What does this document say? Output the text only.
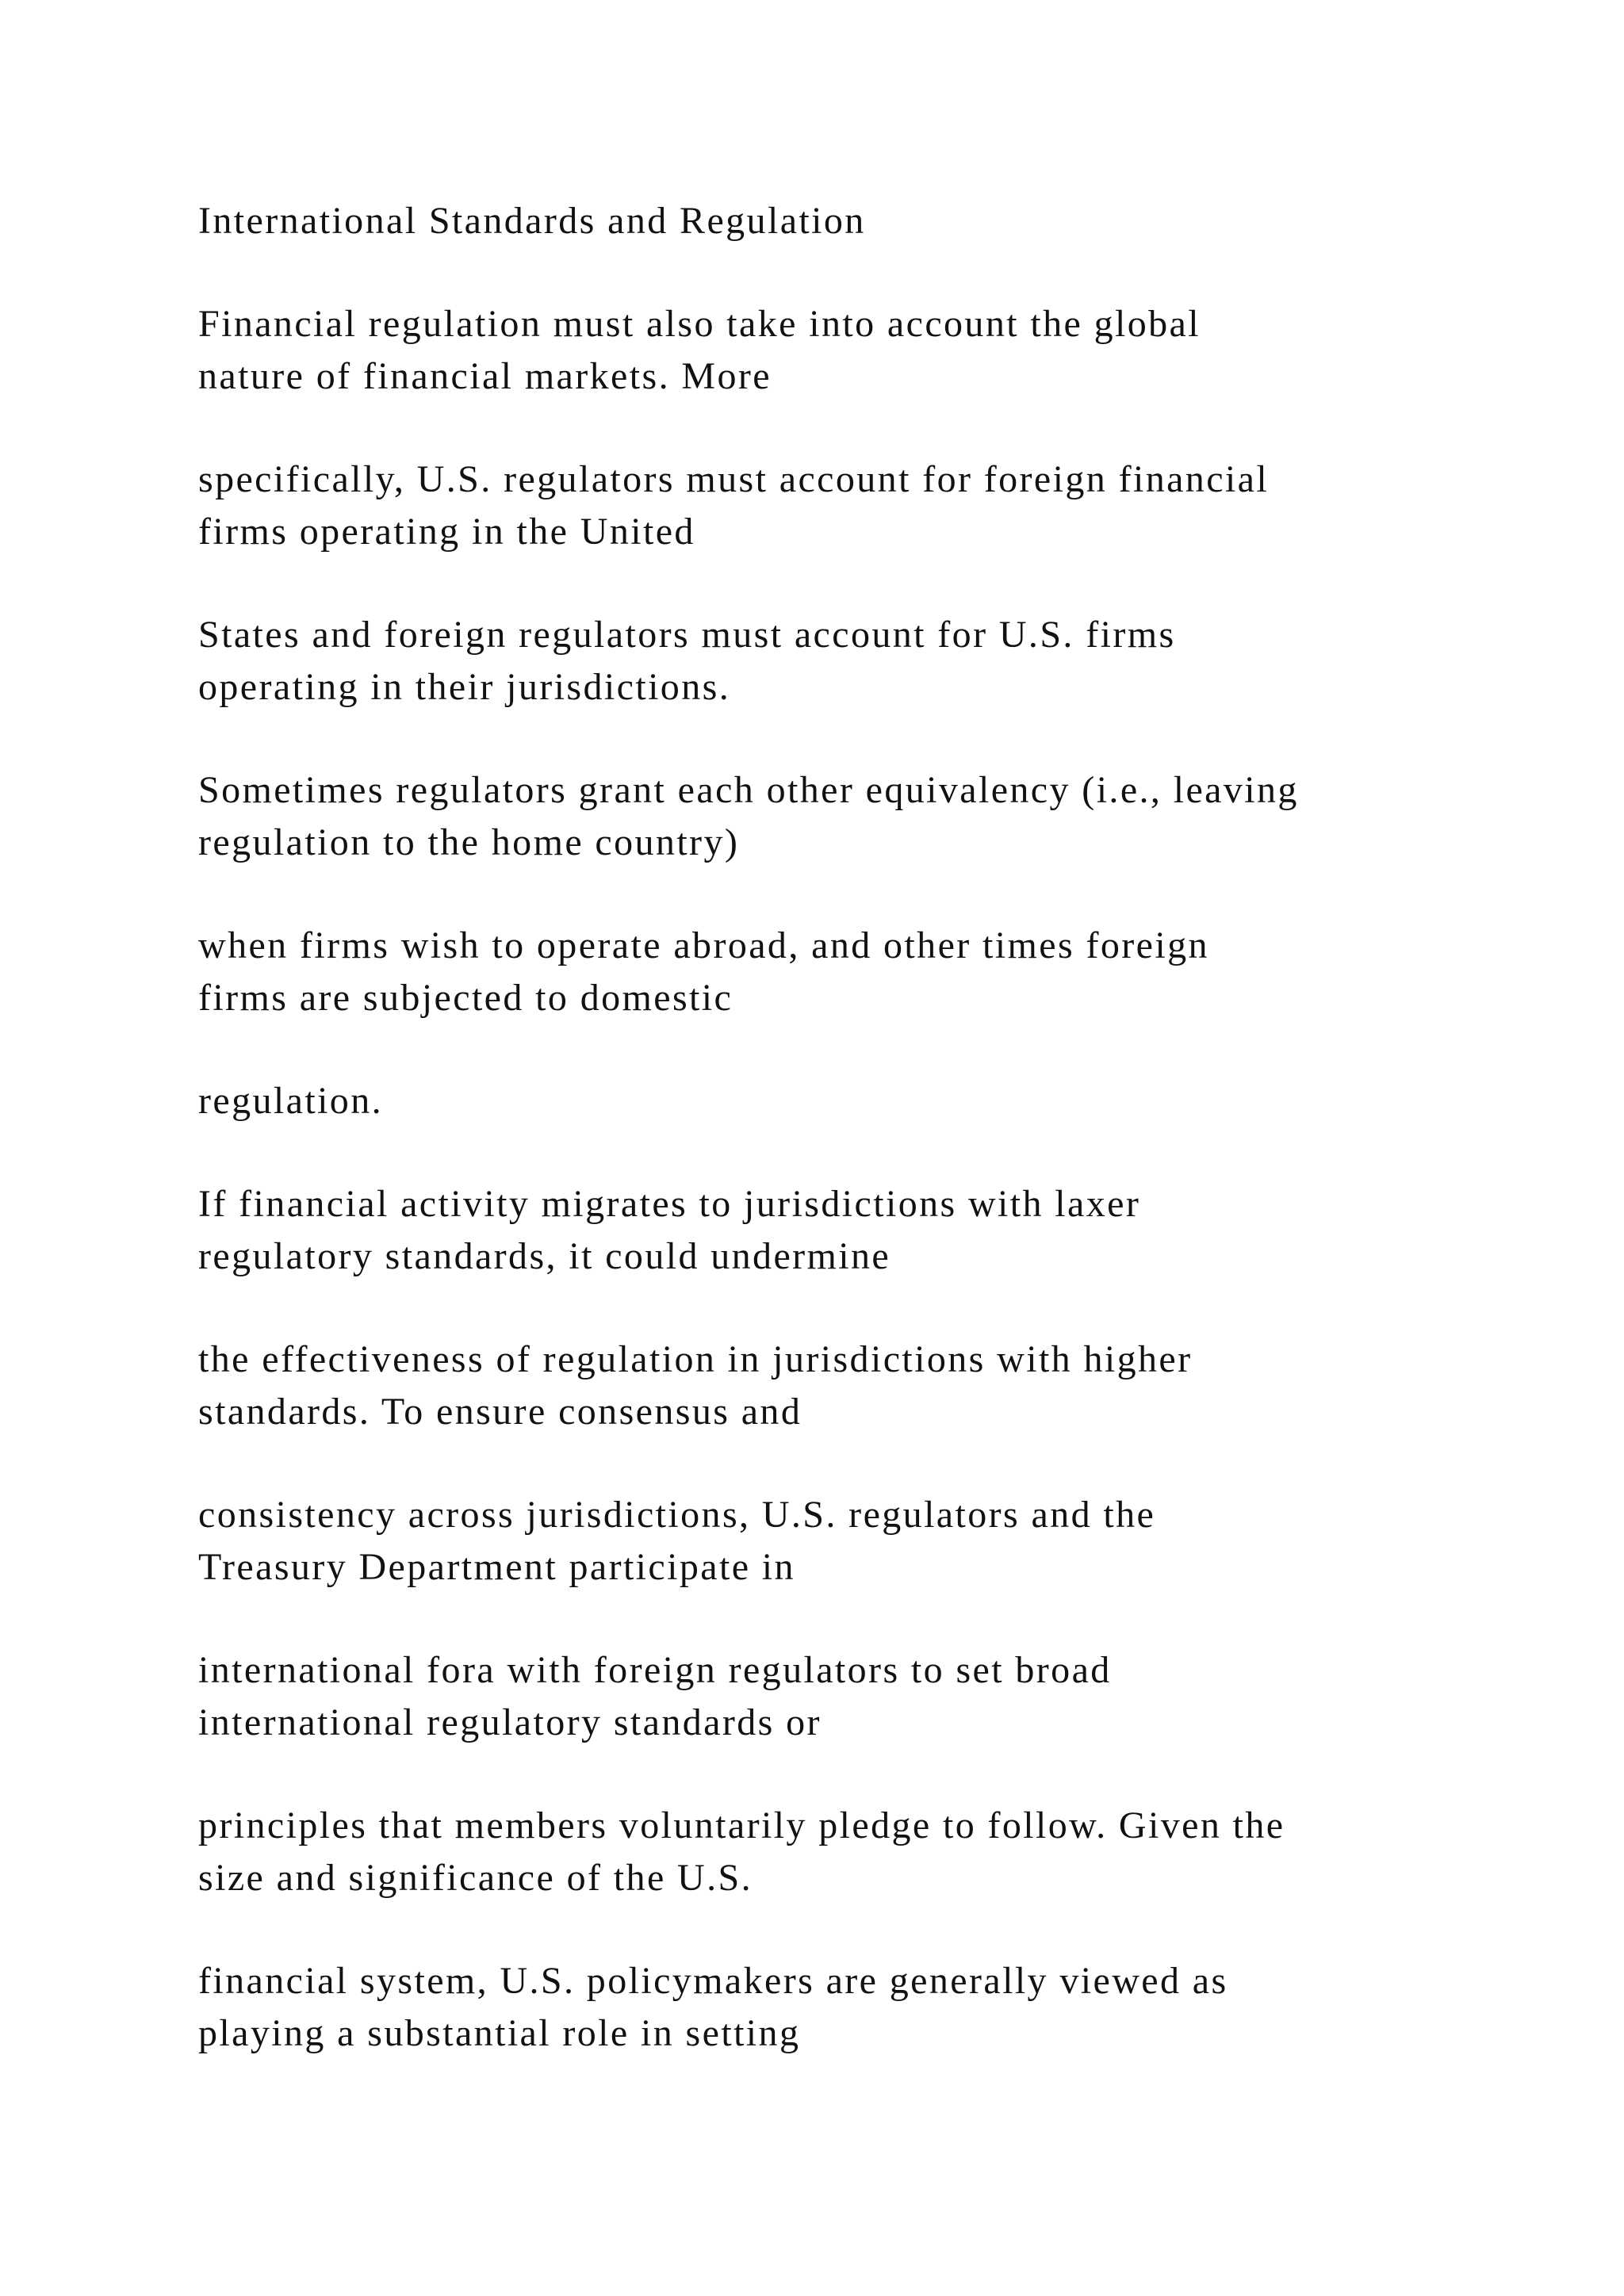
International Standards and Regulation

Financial regulation must also take into account the global
nature of financial markets. More

specifically, U.S. regulators must account for foreign financial
firms operating in the United

States and foreign regulators must account for U.S. firms
operating in their jurisdictions.

Sometimes regulators grant each other equivalency (i.e., leaving
regulation to the home country)

when firms wish to operate abroad, and other times foreign
firms are subjected to domestic

regulation.

If financial activity migrates to jurisdictions with laxer
regulatory standards, it could undermine

the effectiveness of regulation in jurisdictions with higher
standards. To ensure consensus and

consistency across jurisdictions, U.S. regulators and the
Treasury Department participate in

international fora with foreign regulators to set broad
international regulatory standards or

principles that members voluntarily pledge to follow. Given the
size and significance of the U.S.

financial system, U.S. policymakers are generally viewed as
playing a substantial role in setting
